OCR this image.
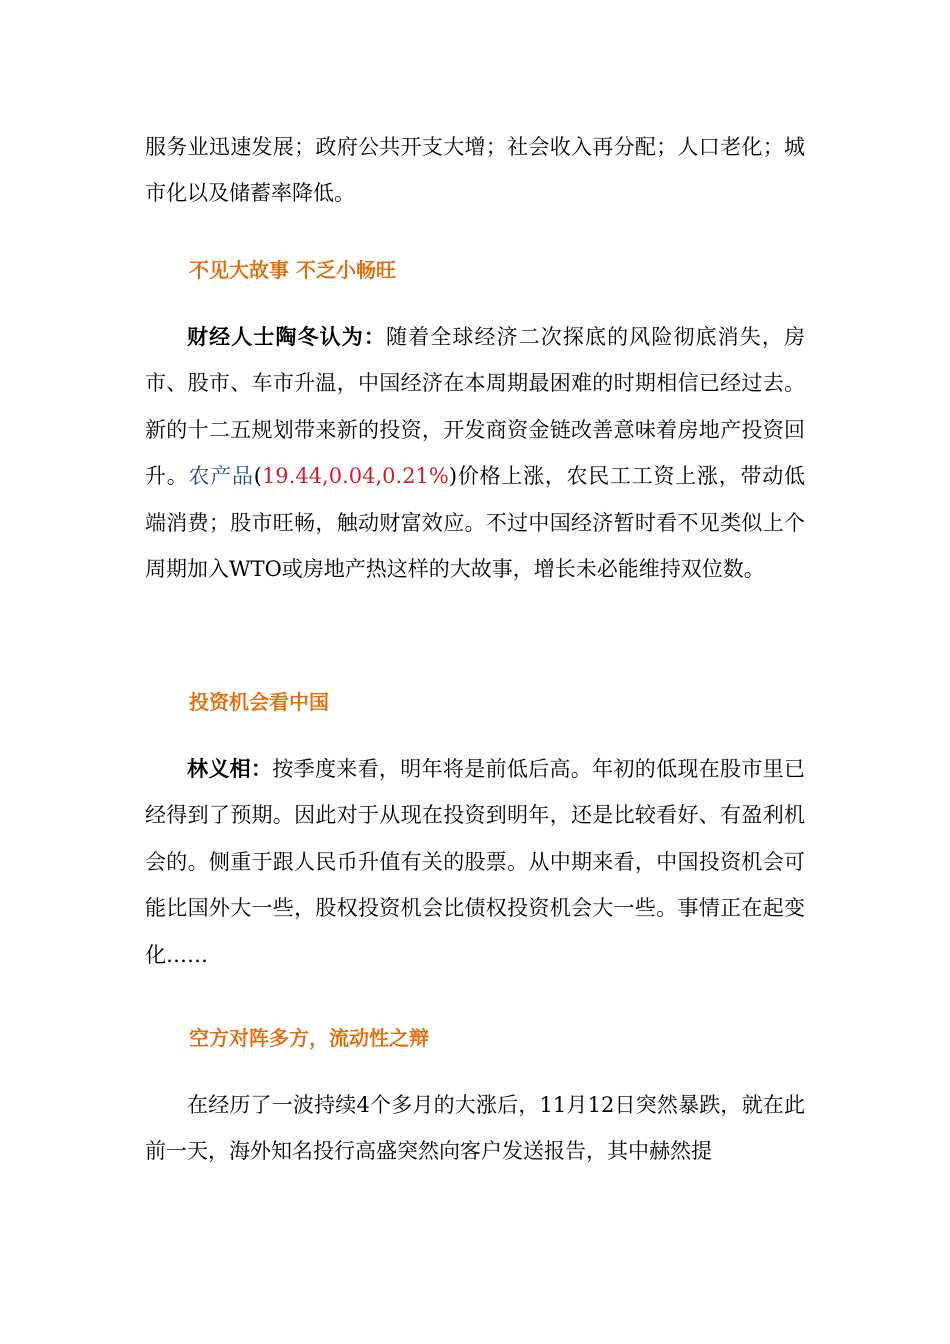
服务业迅速发展；政府公共开支大增；社会收入再分配；人口老化；城市化以及储蓄率降低。

不见大故事 不乏小畅旺

财经人士陶冬认为：随着全球经济二次探底的风险彻底消失，房市、股市、车市升温，中国经济在本周期最困难的时期相信已经过去。新的十二五规划带来新的投资，开发商资金链改善意味着房地产投资回升。农产品(19.44,0.04,0.21%)价格上涨，农民工工资上涨，带动低端消费；股市旺畅，触动财富效应。不过中国经济暂时看不见类似上个周期加入WTO或房地产热这样的大故事，增长未必能维持双位数。

投资机会看中国

林义相：按季度来看，明年将是前低后高。年初的低现在股市里已经得到了预期。因此对于从现在投资到明年，还是比较看好、有盈利机会的。侧重于跟人民币升值有关的股票。从中期来看，中国投资机会可能比国外大一些，股权投资机会比债权投资机会大一些。事情正在起变化……

空方对阵多方，流动性之辩

在经历了一波持续4个多月的大涨后，11月12日突然暴跌，就在此前一天，海外知名投行高盛突然向客户发送报告，其中赫然提
